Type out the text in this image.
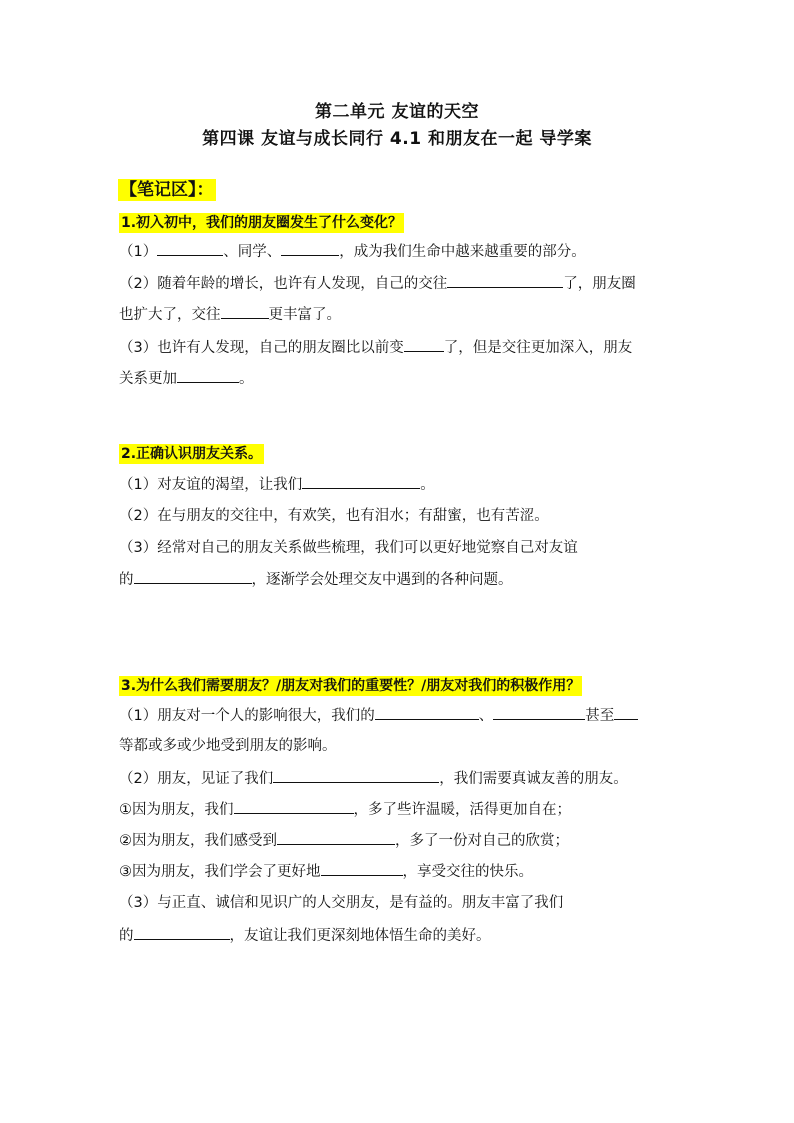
第二单元 友谊的天空
第四课 友谊与成长同行 4.1 和朋友在一起 导学案
【笔记区】：
1.初入初中，我们的朋友圈发生了什么变化？
（1）	、同学、	，成为我们生命中越来越重要的部分。
（2）随着年龄的增长，也许有人发现，自己的交往	了，朋友圈
也扩大了，交往	更丰富了。
（3）也许有人发现，自己的朋友圈比以前变	了，但是交往更加深入，朋友
关系更加	。
2.正确认识朋友关系。
（1）对友谊的渴望，让我们	。
（2）在与朋友的交往中，有欢笑，也有泪水；有甜蜜，也有苦涩。
（3）经常对自己的朋友关系做些梳理，我们可以更好地觉察自己对友谊
的	，逐渐学会处理交友中遇到的各种问题。
3.为什么我们需要朋友？/朋友对我们的重要性？/朋友对我们的积极作用？
（1）朋友对一个人的影响很大，我们的	、	甚至
等都或多或少地受到朋友的影响。
（2）朋友，见证了我们	，我们需要真诚友善的朋友。
①因为朋友，我们	，多了些许温暖，活得更加自在；
②因为朋友，我们感受到	，多了一份对自己的欣赏；
③因为朋友，我们学会了更好地	，享受交往的快乐。
（3）与正直、诚信和见识广的人交朋友，是有益的。朋友丰富了我们
的	，友谊让我们更深刻地体悟生命的美好。
